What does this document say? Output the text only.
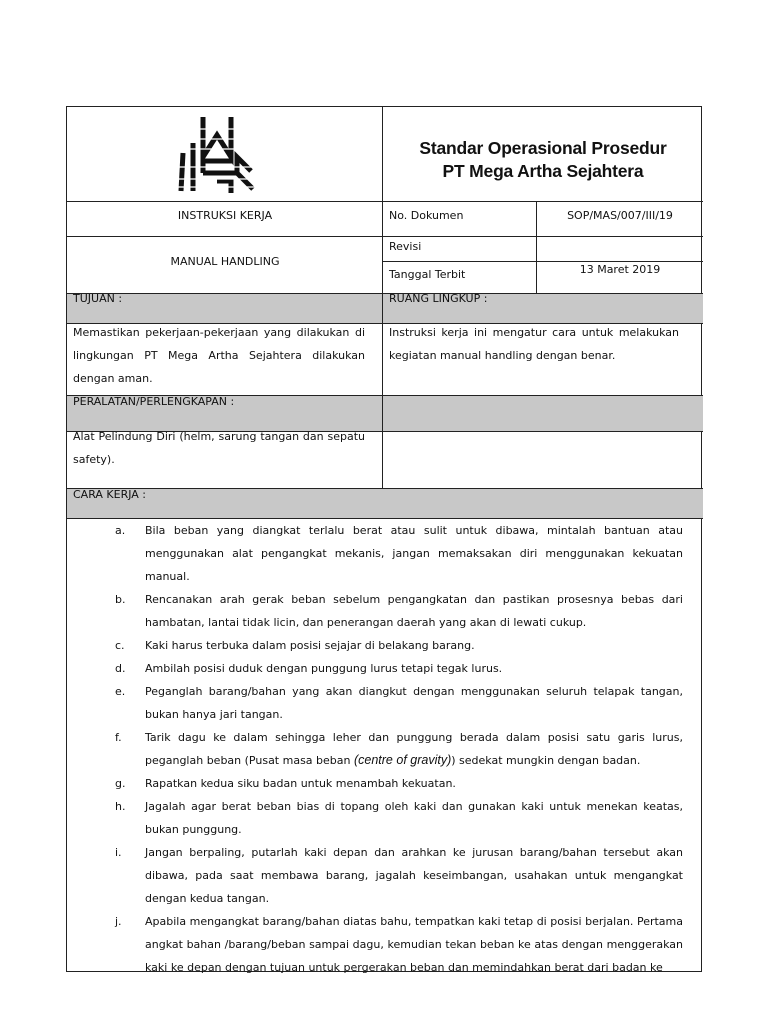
Standar Operasional Prosedur
PT Mega Artha Sejahtera
INSTRUKSI KERJA	No. Dokumen	SOP/MAS/007/III/19
MANUAL HANDLING
Revisi
Tanggal Terbit	13 Maret 2019
TUJUAN :	RUANG LINGKUP :
Memastikan pekerjaan-pekerjaan yang dilakukan di lingkungan PT Mega Artha Sejahtera dilakukan dengan aman.
Instruksi kerja ini mengatur cara untuk melakukan kegiatan manual handling dengan benar.
PERALATAN/PERLENGKAPAN :
Alat Pelindung Diri (helm, sarung tangan dan sepatu safety).
CARA KERJA :
a. Bila beban yang diangkat terlalu berat atau sulit untuk dibawa, mintalah bantuan atau menggunakan alat pengangkat mekanis, jangan memaksakan diri menggunakan kekuatan manual.
b. Rencanakan arah gerak beban sebelum pengangkatan dan pastikan prosesnya bebas dari hambatan, lantai tidak licin, dan penerangan daerah yang akan di lewati cukup.
c. Kaki harus terbuka dalam posisi sejajar di belakang barang.
d. Ambilah posisi duduk dengan punggung lurus tetapi tegak lurus.
e. Peganglah barang/bahan yang akan diangkut dengan menggunakan seluruh telapak tangan, bukan hanya jari tangan.
f. Tarik dagu ke dalam sehingga leher dan punggung berada dalam posisi satu garis lurus, peganglah beban (Pusat masa beban (centre of gravity)) sedekat mungkin dengan badan.
g. Rapatkan kedua siku badan untuk menambah kekuatan.
h. Jagalah agar berat beban bias di topang oleh kaki dan gunakan kaki untuk menekan keatas, bukan punggung.
i. Jangan berpaling, putarlah kaki depan dan arahkan ke jurusan barang/bahan tersebut akan dibawa, pada saat membawa barang, jagalah keseimbangan, usahakan untuk mengangkat dengan kedua tangan.
j. Apabila mengangkat barang/bahan diatas bahu, tempatkan kaki tetap di posisi berjalan. Pertama angkat bahan /barang/beban sampai dagu, kemudian tekan beban ke atas dengan menggerakan kaki ke depan dengan tujuan untuk pergerakan beban dan memindahkan berat dari badan ke
